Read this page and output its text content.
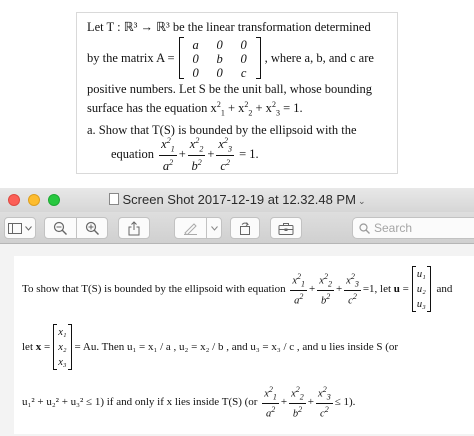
Let T : ℝ³ → ℝ³ be the linear transformation determined
by the matrix A =
a	0	0
0	b	0
0	0	c
, where a, b, and c are
positive numbers. Let S be the unit ball, whose bounding
surface has the equation $x^2_1 + x^2_2 + x^2_3 = 1$.
a. Show that T(S) is bounded by the ellipsoid with the
equation
$\frac{x^2_1}{a^2} + \frac{x^2_2}{b^2} + \frac{x^2_3}{c^2}$
= 1.
Screen Shot 2017-12-19 at 12.32.48 PM ⌄
Search
To show that T(S) is bounded by the ellipsoid with equation
$\frac{x^2_1}{a^2} + \frac{x^2_2}{b^2} + \frac{x^2_3}{c^2} =1$, let
u
=
u₁
u₂
u₃

and
let
x =
x₁
x₂
x₃
= Au. Then u₁ = x₁ / a , u₂ = x₂ / b , and u₃ = x₃ / c , and u lies inside S (or
u₁² + u₂² + u₃² ≤ 1) if and only if x lies inside T(S) (or
$\frac{x^2_1}{a^2} + \frac{x^2_2}{b^2} + \frac{x^2_3}{c^2} \le 1$).
